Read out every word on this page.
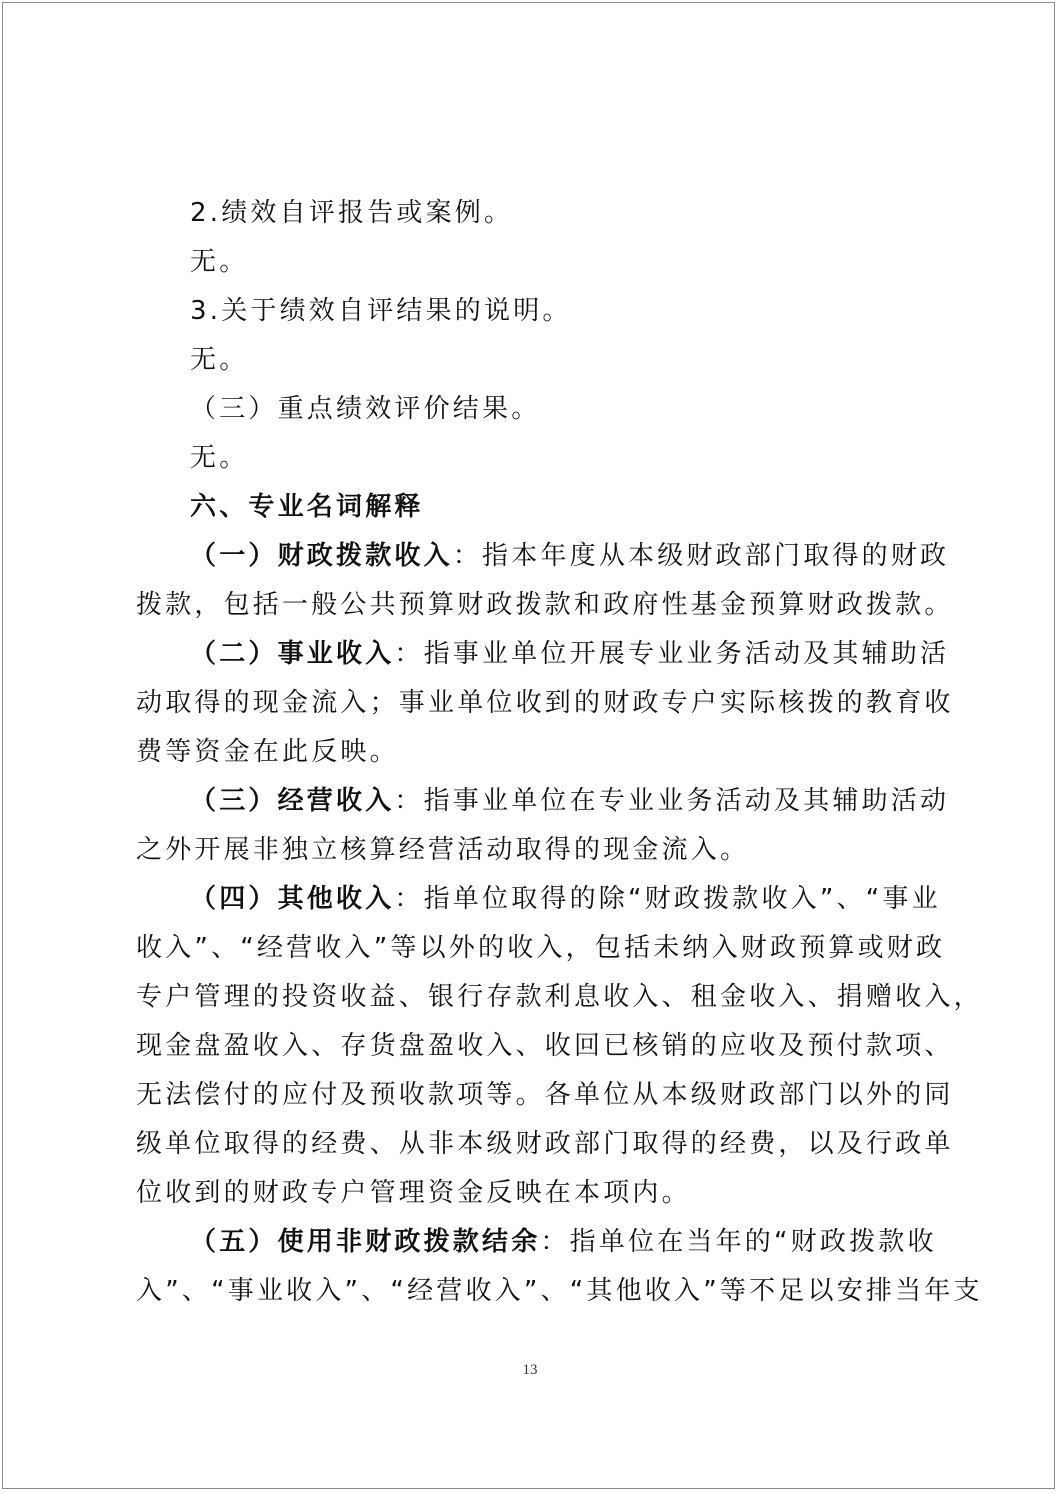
2.绩效自评报告或案例。
无。
3.关于绩效自评结果的说明。
无。
（三）重点绩效评价结果。
无。
六、专业名词解释
（一）财政拨款收入：指本年度从本级财政部门取得的财政
拨款，包括一般公共预算财政拨款和政府性基金预算财政拨款。
（二）事业收入：指事业单位开展专业业务活动及其辅助活
动取得的现金流入；事业单位收到的财政专户实际核拨的教育收
费等资金在此反映。
（三）经营收入：指事业单位在专业业务活动及其辅助活动
之外开展非独立核算经营活动取得的现金流入。
（四）其他收入：指单位取得的除“财政拨款收入”、“事业
收入”、“经营收入”等以外的收入，包括未纳入财政预算或财政
专户管理的投资收益、银行存款利息收入、租金收入、捐赠收入，
现金盘盈收入、存货盘盈收入、收回已核销的应收及预付款项、
无法偿付的应付及预收款项等。各单位从本级财政部门以外的同
级单位取得的经费、从非本级财政部门取得的经费，以及行政单
位收到的财政专户管理资金反映在本项内。
（五）使用非财政拨款结余：指单位在当年的“财政拨款收
入”、“事业收入”、“经营收入”、“其他收入”等不足以安排当年支
13
